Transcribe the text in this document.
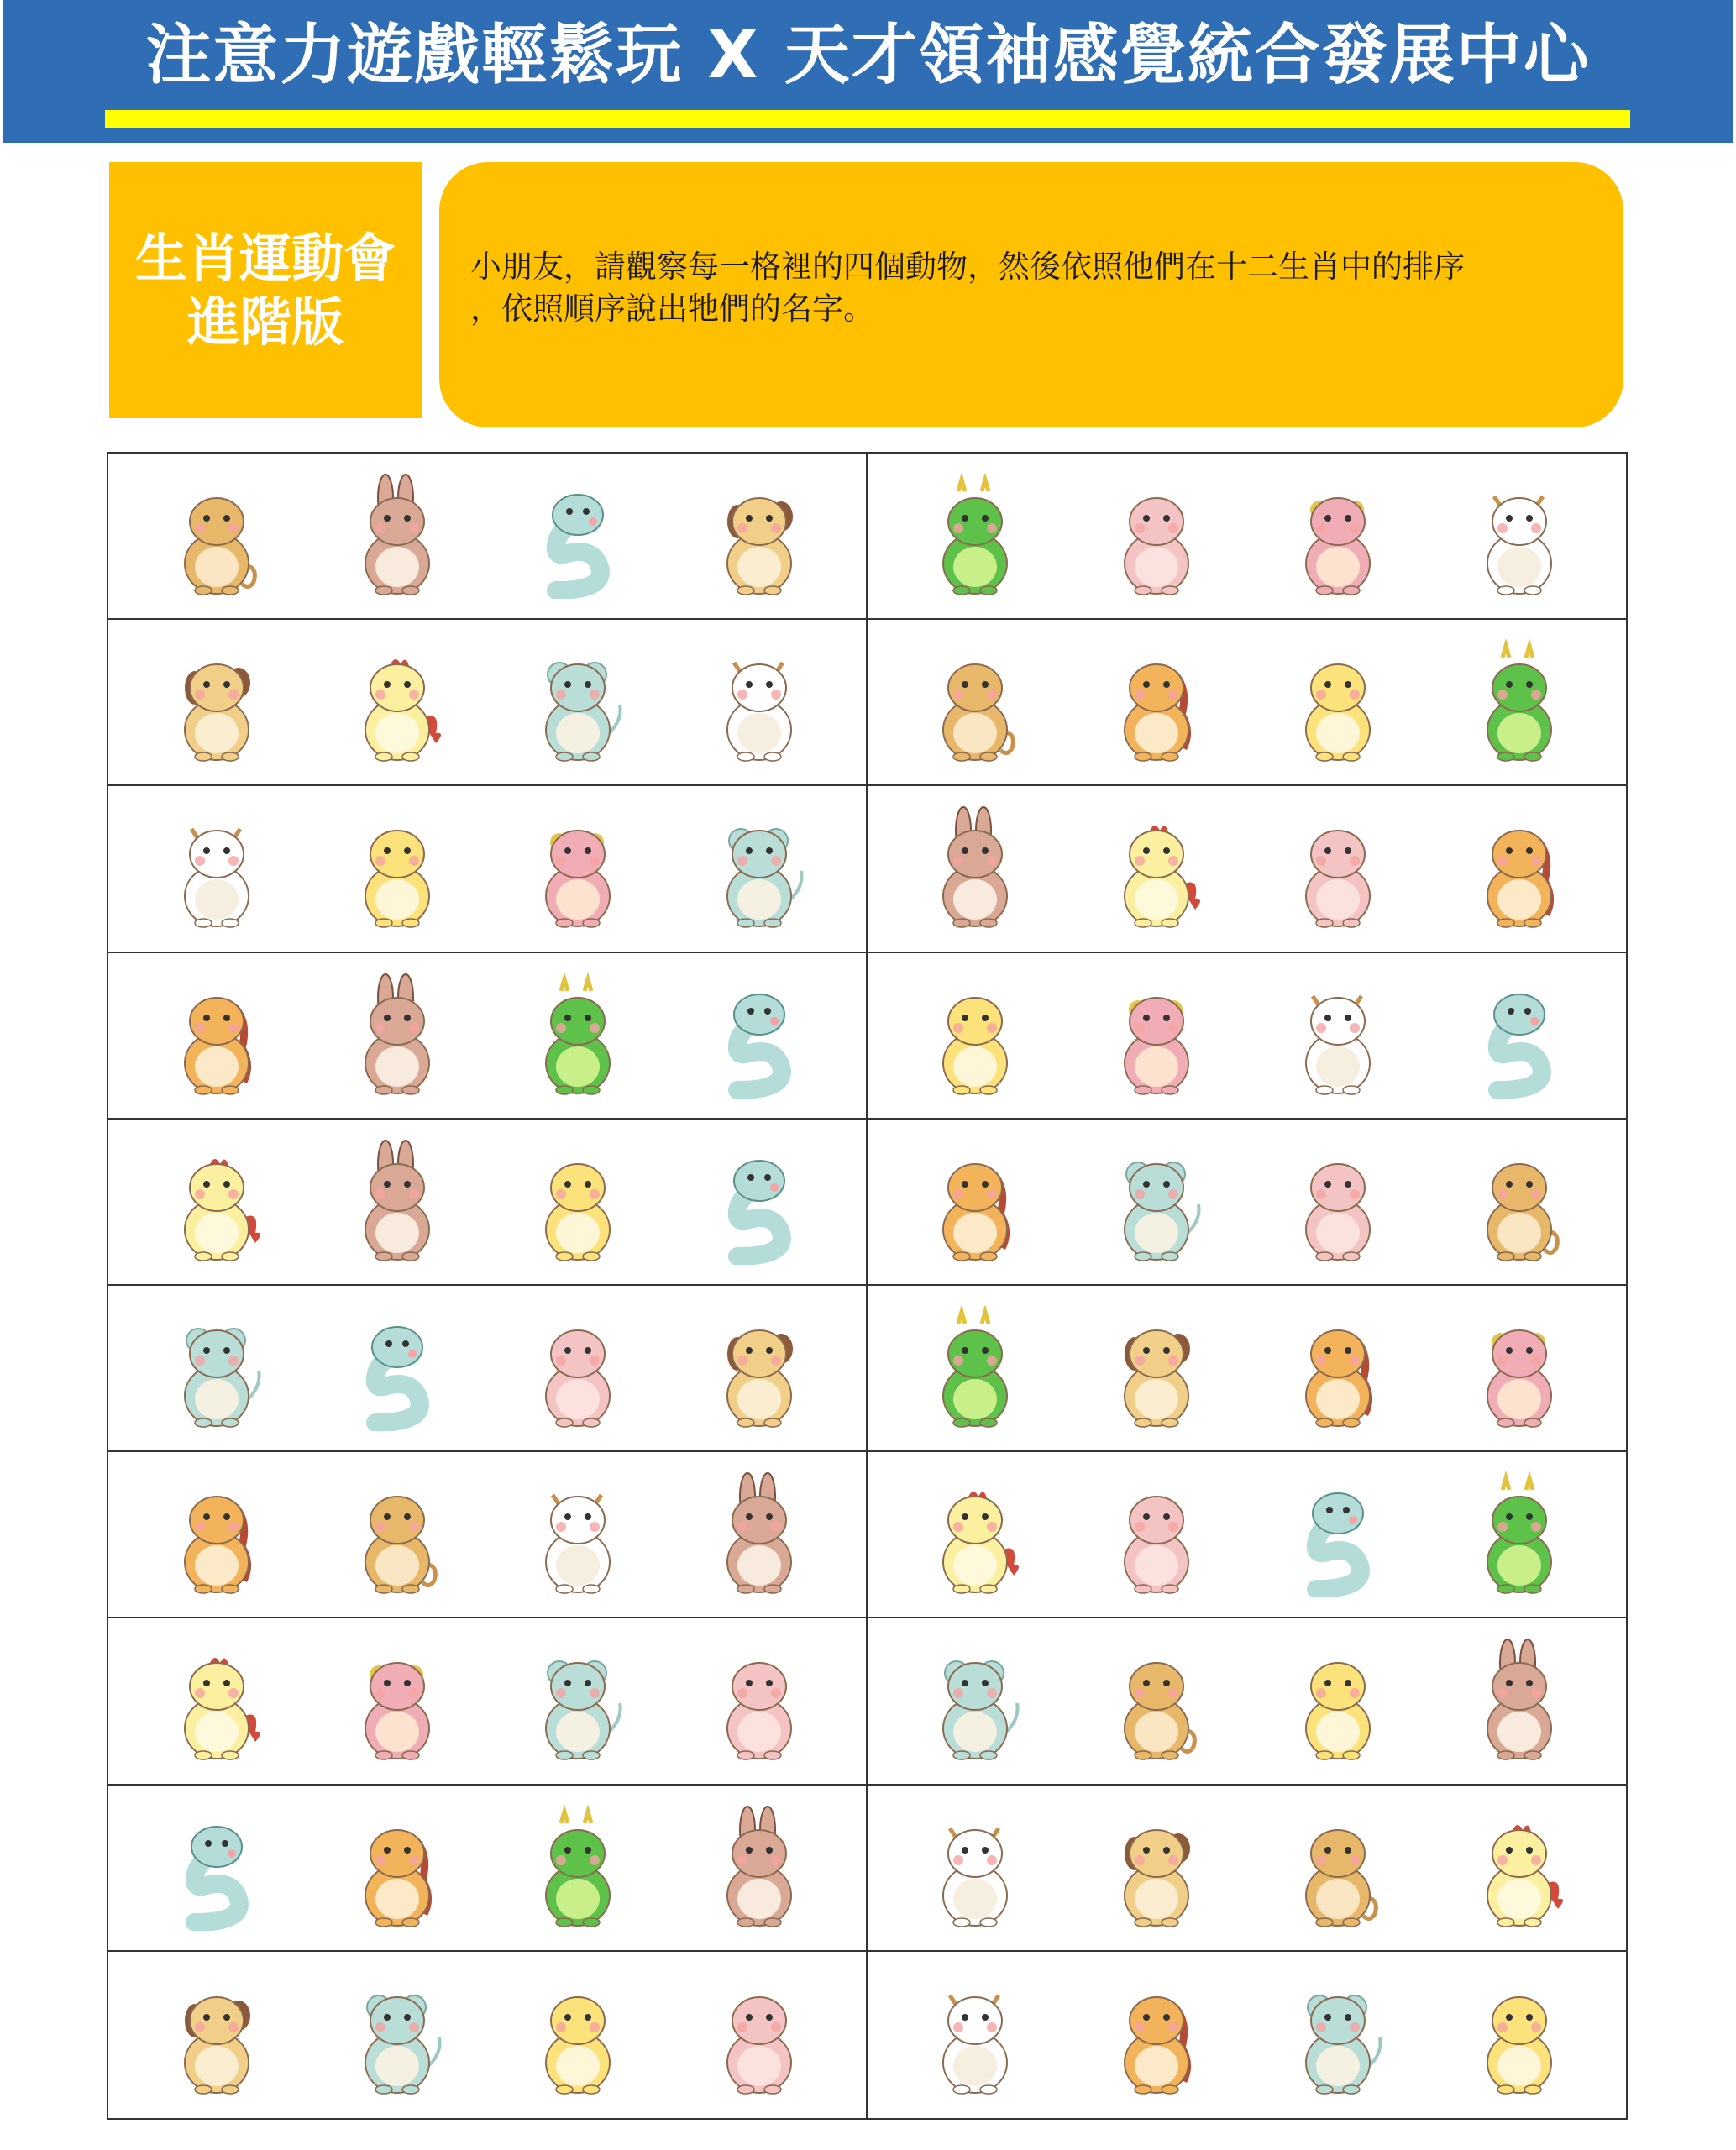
注意力遊戲輕鬆玩 X 天才領袖感覺統合發展中心
生肖運動會
進階版
小朋友，請觀察每一格裡的四個動物，然後依照他們在十二生肖中的排序
，依照順序說出牠們的名字。
